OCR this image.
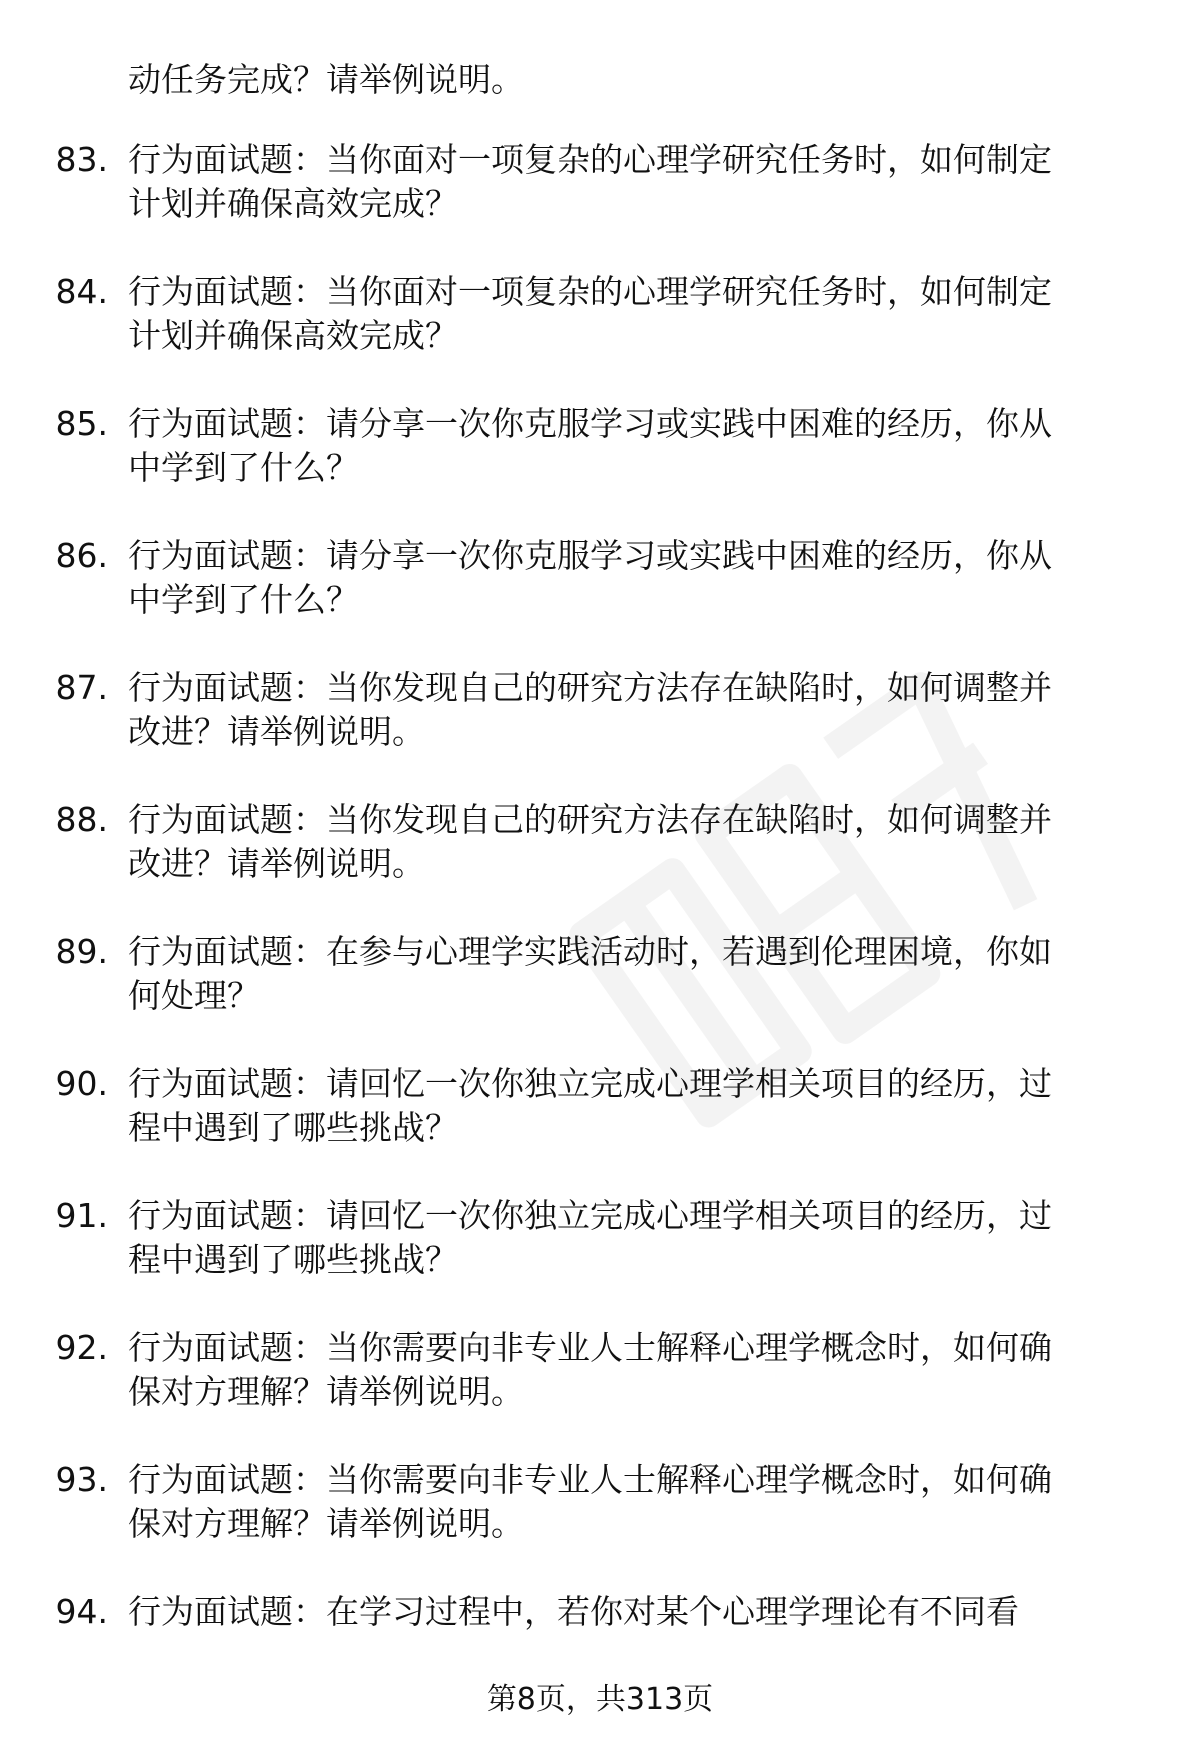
动任务完成？请举例说明。
83. 行为面试题：当你面对一项复杂的心理学研究任务时，如何制定
计划并确保高效完成？
84. 行为面试题：当你面对一项复杂的心理学研究任务时，如何制定
计划并确保高效完成？
85. 行为面试题：请分享一次你克服学习或实践中困难的经历，你从
中学到了什么？
86. 行为面试题：请分享一次你克服学习或实践中困难的经历，你从
中学到了什么？
87. 行为面试题：当你发现自己的研究方法存在缺陷时，如何调整并
改进？请举例说明。
88. 行为面试题：当你发现自己的研究方法存在缺陷时，如何调整并
改进？请举例说明。
89. 行为面试题：在参与心理学实践活动时，若遇到伦理困境，你如
何处理？
90. 行为面试题：请回忆一次你独立完成心理学相关项目的经历，过
程中遇到了哪些挑战？
91. 行为面试题：请回忆一次你独立完成心理学相关项目的经历，过
程中遇到了哪些挑战？
92. 行为面试题：当你需要向非专业人士解释心理学概念时，如何确
保对方理解？请举例说明。
93. 行为面试题：当你需要向非专业人士解释心理学概念时，如何确
保对方理解？请举例说明。
94. 行为面试题：在学习过程中，若你对某个心理学理论有不同看
第8页，共313页
